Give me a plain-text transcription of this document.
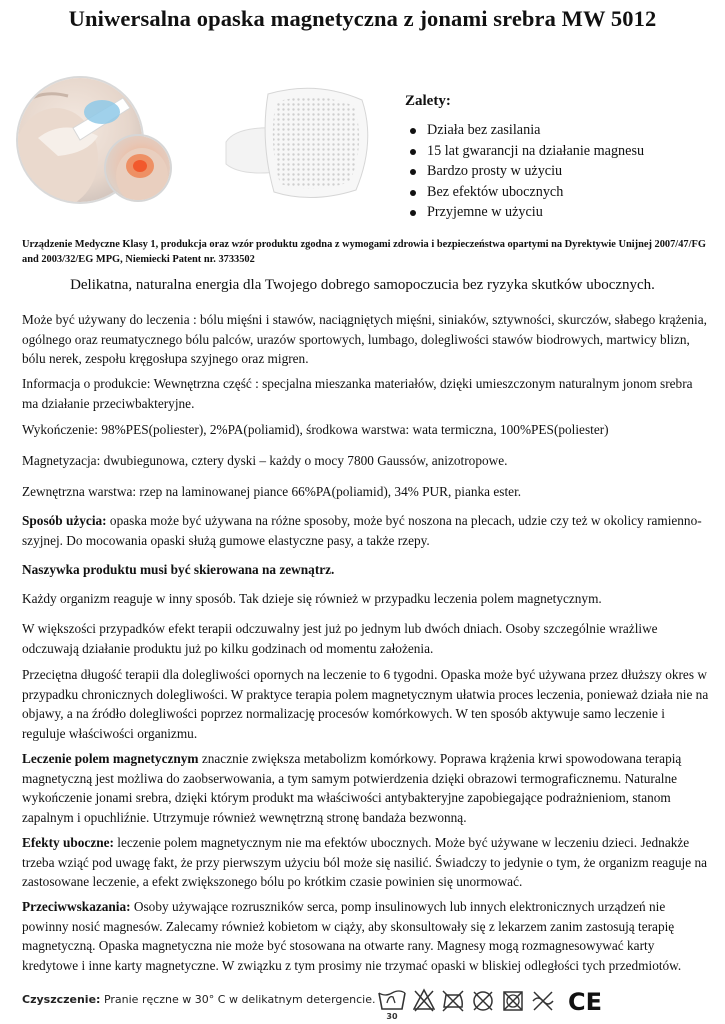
Uniwersalna opaska magnetyczna z jonami srebra MW 5012
Zalety:
Działa bez zasilania
15 lat gwarancji na działanie magnesu
Bardzo prosty w użyciu
Bez efektów ubocznych
Przyjemne w użyciu
Urządzenie Medyczne Klasy 1, produkcja oraz wzór produktu zgodna z wymogami zdrowia i bezpieczeństwa opartymi na Dyrektywie Unijnej 2007/47/FG and 2003/32/EG MPG, Niemiecki Patent nr. 3733502
Delikatna, naturalna energia dla Twojego dobrego samopoczucia bez ryzyka skutków ubocznych.
Może być używany do leczenia : bólu mięśni i stawów, naciągniętych mięśni, siniaków, sztywności, skurczów, słabego krążenia, ogólnego oraz reumatycznego bólu palców, urazów sportowych, lumbago, dolegliwości stawów biodrowych, martwicy blizn, bólu nerek, zespołu kręgosłupa szyjnego oraz migren.
Informacja o produkcie: Wewnętrzna część : specjalna mieszanka materiałów, dzięki umieszczonym naturalnym jonom srebra ma działanie przeciwbakteryjne.
Wykończenie: 98%PES(poliester), 2%PA(poliamid), środkowa warstwa: wata termiczna, 100%PES(poliester)
Magnetyzacja: dwubiegunowa, cztery dyski – każdy o mocy 7800 Gaussów, anizotropowe.
Zewnętrzna warstwa: rzep na laminowanej piance 66%PA(poliamid), 34% PUR, pianka ester.
Sposób użycia: opaska może być używana na różne sposoby, może być noszona na plecach, udzie czy też w okolicy ramienno-szyjnej. Do mocowania opaski służą gumowe elastyczne pasy, a także rzepy.
Naszywka produktu musi być skierowana na zewnątrz.
Każdy organizm reaguje w inny sposób. Tak dzieje się również w przypadku leczenia polem magnetycznym.
W większości przypadków efekt terapii odczuwalny jest już po jednym lub dwóch dniach. Osoby szczególnie wrażliwe odczuwają działanie produktu już po kilku godzinach od momentu założenia.
Przeciętna długość terapii dla dolegliwości opornych na leczenie to 6 tygodni. Opaska może być używana przez dłuższy okres w przypadku chronicznych dolegliwości. W praktyce terapia polem magnetycznym ułatwia proces leczenia, ponieważ działa nie na objawy, a na źródło dolegliwości poprzez normalizację procesów komórkowych. W ten sposób aktywuje samo leczenie i reguluje właściwości organizmu.
Leczenie polem magnetycznym znacznie zwiększa metabolizm komórkowy. Poprawa krążenia krwi spowodowana terapią magnetyczną jest możliwa do zaobserwowania, a tym samym potwierdzenia dzięki obrazowi termograficznemu. Naturalne wykończenie jonami srebra, dzięki którym produkt ma właściwości antybakteryjne zapobiegające podrażnieniom, stanom zapalnym i opuchliźnie. Utrzymuje również wewnętrzną stronę bandaża bezwonną.
Efekty uboczne: leczenie polem magnetycznym nie ma efektów ubocznych. Może być używane w leczeniu dzieci. Jednakże trzeba wziąć pod uwagę fakt, że przy pierwszym użyciu ból może się nasilić. Świadczy to jedynie o tym, że organizm reaguje na zastosowane leczenie, a efekt zwiększonego bólu po krótkim czasie powinien się unormować.
Przeciwwskazania: Osoby używające rozruszników serca, pomp insulinowych lub innych elektronicznych urządzeń nie powinny nosić magnesów. Zalecamy również kobietom w ciąży, aby skonsultowały się z lekarzem zanim zastosują terapię magnetyczną. Opaska magnetyczna nie może być stosowana na otwarte rany. Magnesy mogą rozmagnesowywać karty kredytowe i inne karty magnetyczne. W związku z tym prosimy nie trzymać opaski w bliskiej odległości tych przedmiotów.
Czyszczenie: Pranie ręczne w 30° C w delikatnym detergencie.
30
CE
